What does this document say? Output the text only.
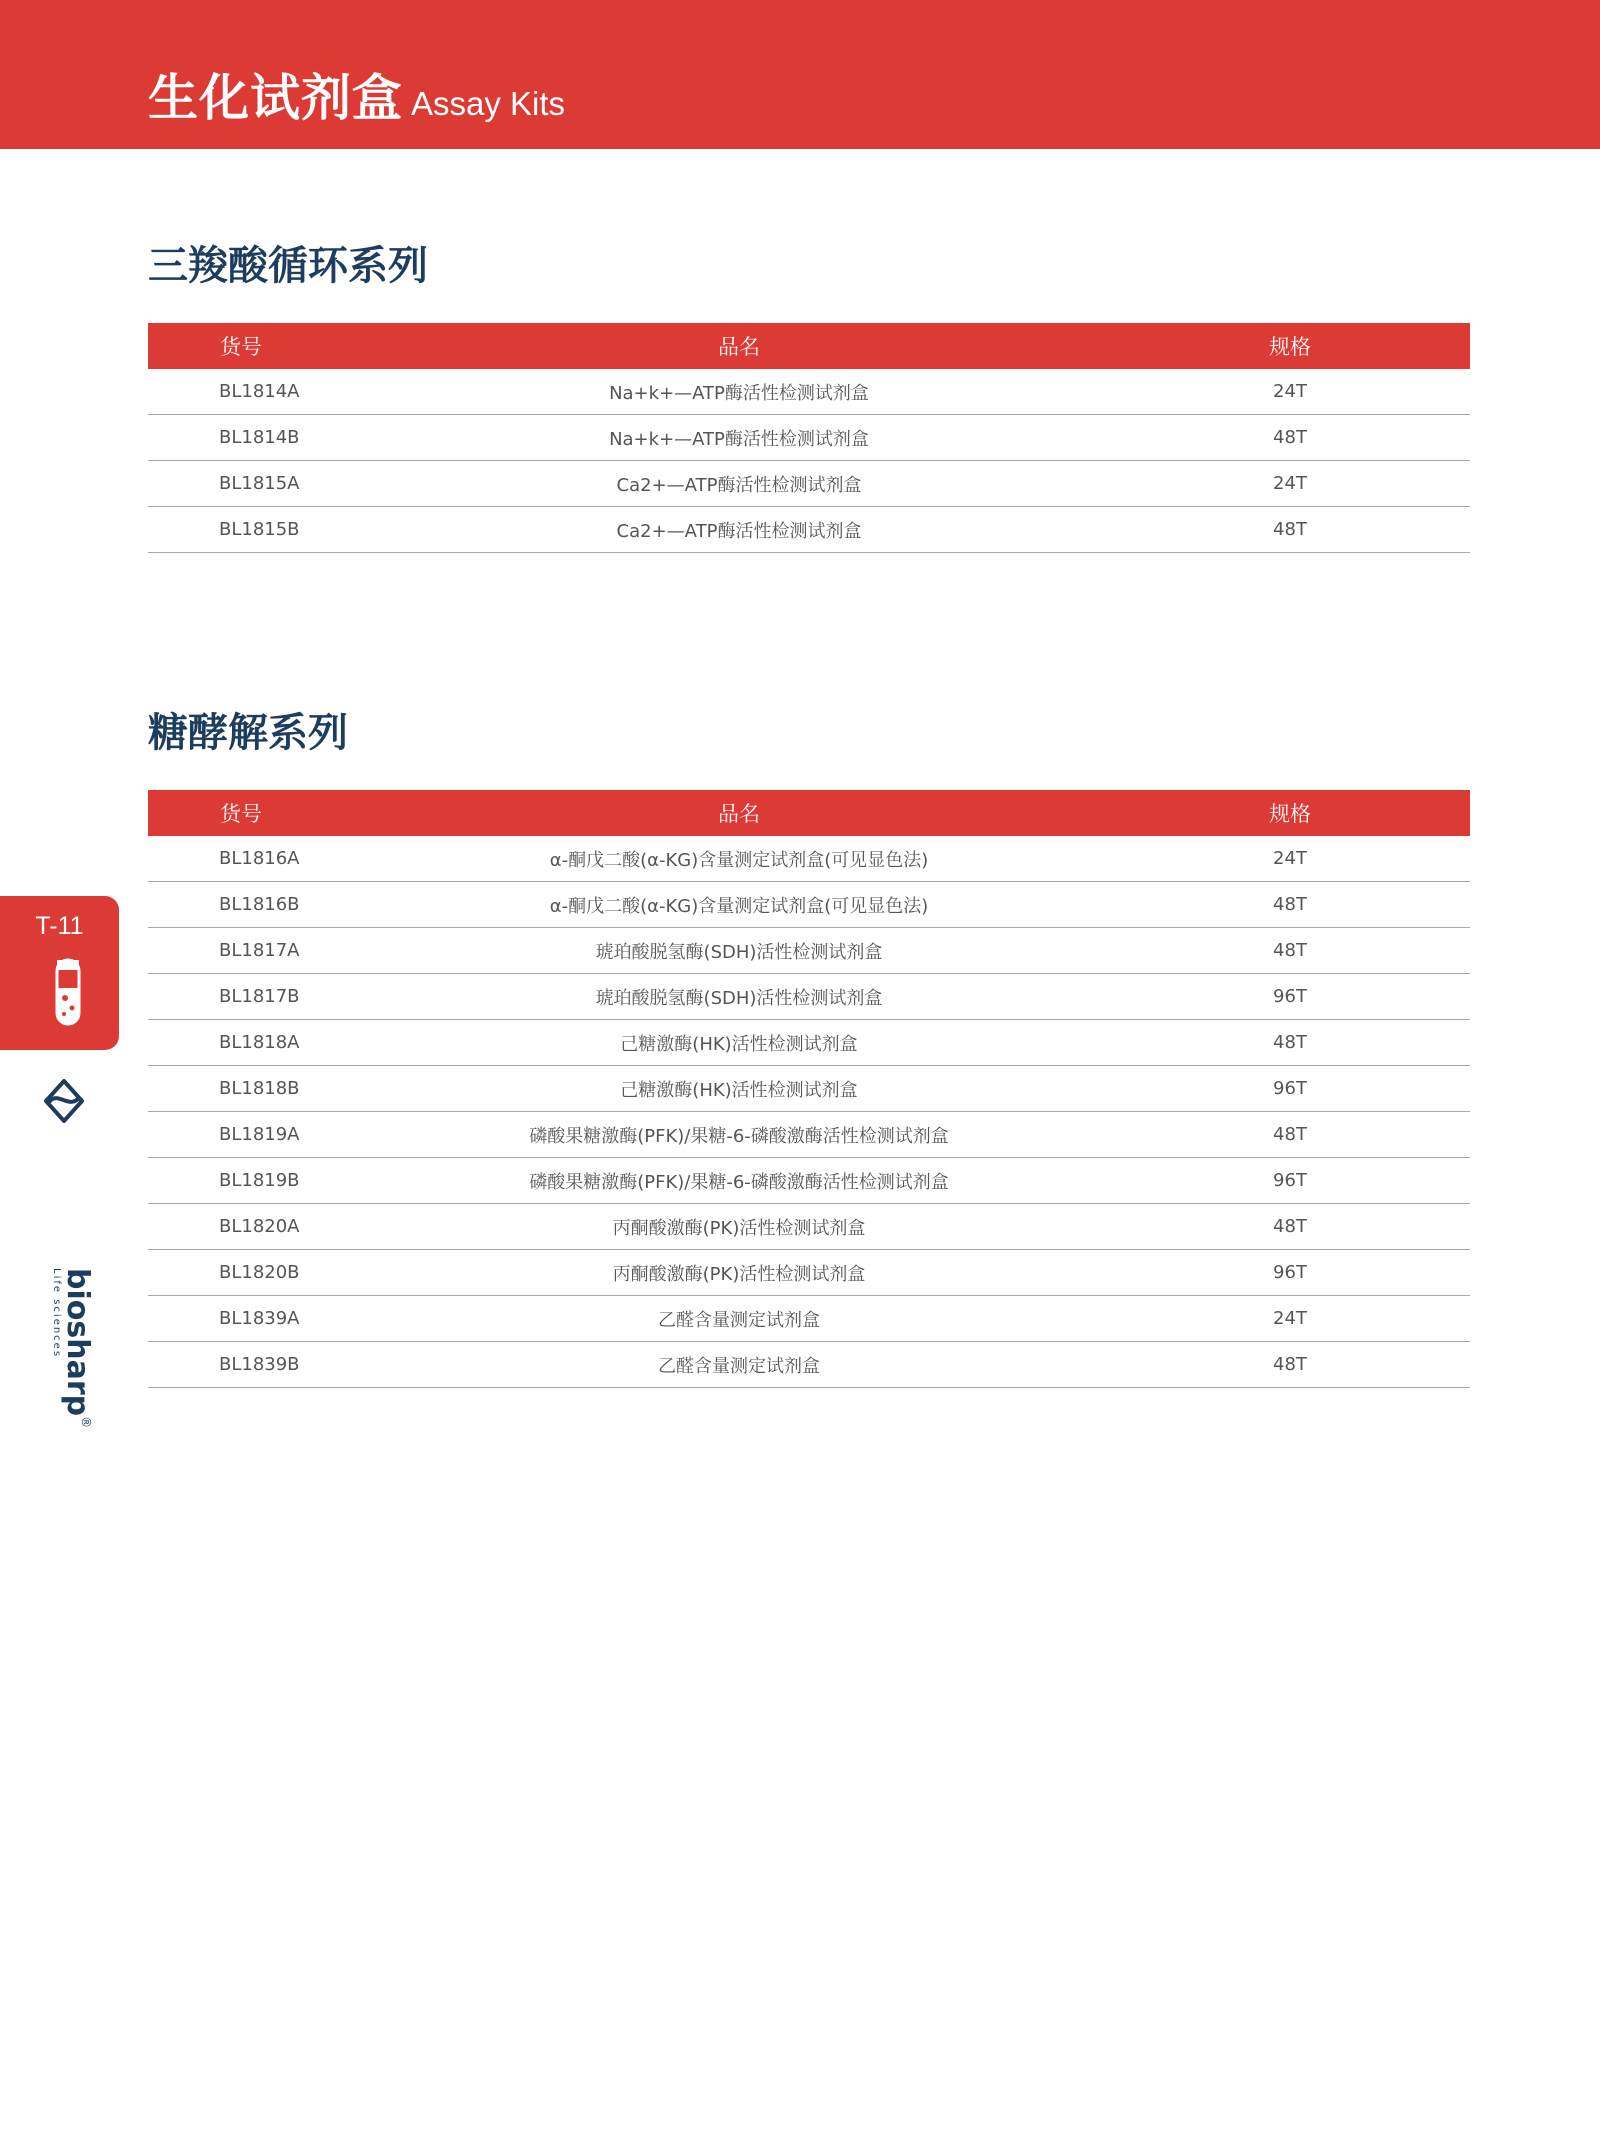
生化试剂盒 Assay Kits
三羧酸循环系列
货号	品名	规格
BL1814A	Na+k+—ATP酶活性检测试剂盒	24T
BL1814B	Na+k+—ATP酶活性检测试剂盒	48T
BL1815A	Ca2+—ATP酶活性检测试剂盒	24T
BL1815B	Ca2+—ATP酶活性检测试剂盒	48T
糖酵解系列
货号	品名	规格
BL1816A	α-酮戊二酸(α-KG)含量测定试剂盒(可见显色法)	24T
BL1816B	α-酮戊二酸(α-KG)含量测定试剂盒(可见显色法)	48T
BL1817A	琥珀酸脱氢酶(SDH)活性检测试剂盒	48T
BL1817B	琥珀酸脱氢酶(SDH)活性检测试剂盒	96T
BL1818A	己糖激酶(HK)活性检测试剂盒	48T
BL1818B	己糖激酶(HK)活性检测试剂盒	96T
BL1819A	磷酸果糖激酶(PFK)/果糖-6-磷酸激酶活性检测试剂盒	48T
BL1819B	磷酸果糖激酶(PFK)/果糖-6-磷酸激酶活性检测试剂盒	96T
BL1820A	丙酮酸激酶(PK)活性检测试剂盒	48T
BL1820B	丙酮酸激酶(PK)活性检测试剂盒	96T
BL1839A	乙醛含量测定试剂盒	24T
BL1839B	乙醛含量测定试剂盒	48T
T-11
biosharp®
Life sciences
